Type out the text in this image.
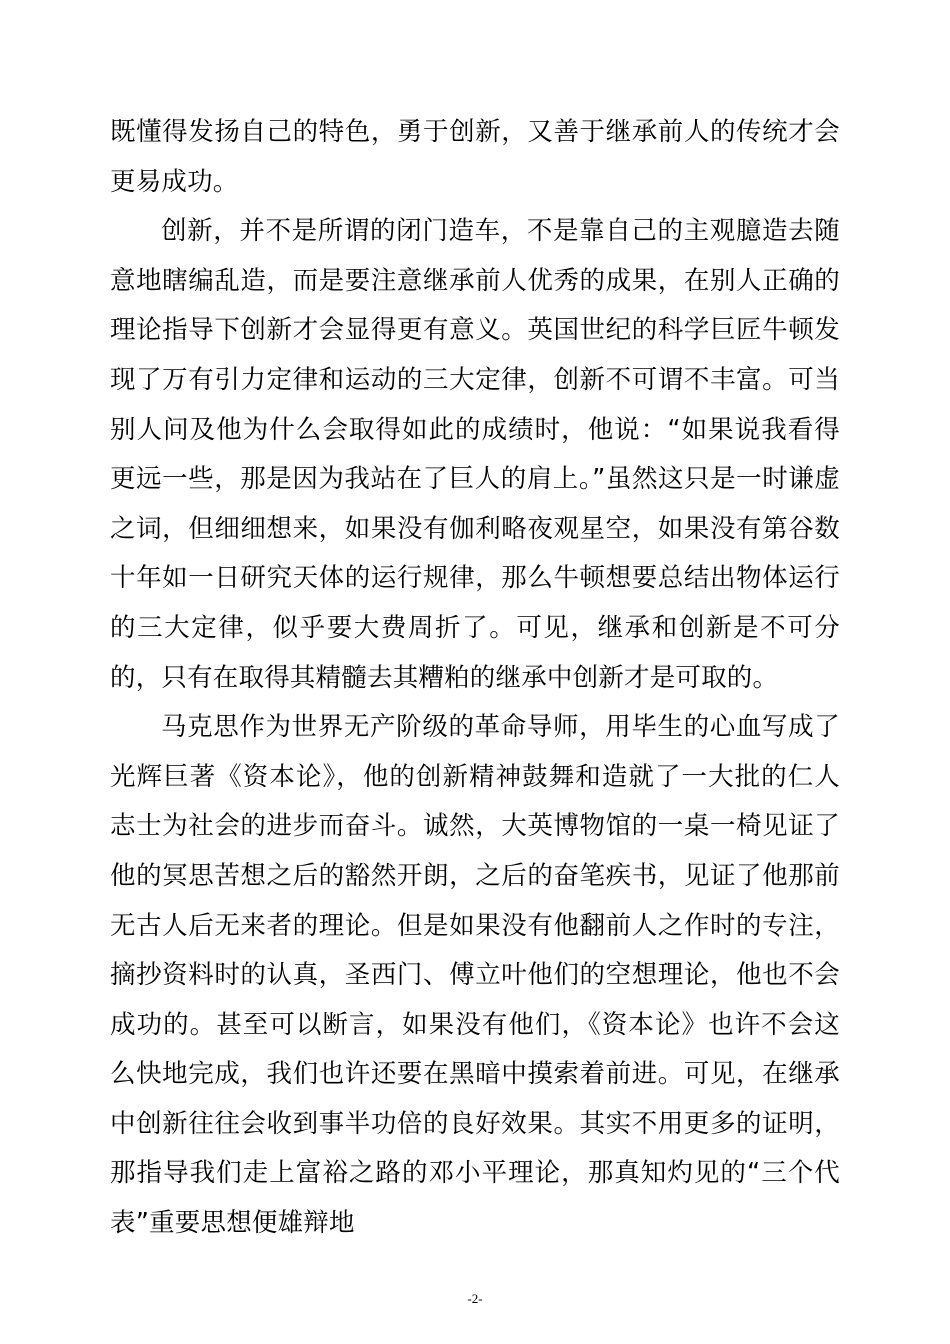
既懂得发扬自己的特色，勇于创新，又善于继承前人的传统才会更易成功。

创新，并不是所谓的闭门造车，不是靠自己的主观臆造去随意地瞎编乱造，而是要注意继承前人优秀的成果，在别人正确的理论指导下创新才会显得更有意义。英国世纪的科学巨匠牛顿发现了万有引力定律和运动的三大定律，创新不可谓不丰富。可当别人问及他为什么会取得如此的成绩时，他说：“如果说我看得更远一些，那是因为我站在了巨人的肩上。”虽然这只是一时谦虚之词，但细细想来，如果没有伽利略夜观星空，如果没有第谷数十年如一日研究天体的运行规律，那么牛顿想要总结出物体运行的三大定律，似乎要大费周折了。可见，继承和创新是不可分的，只有在取得其精髓去其糟粕的继承中创新才是可取的。

马克思作为世界无产阶级的革命导师，用毕生的心血写成了光辉巨著《资本论》，他的创新精神鼓舞和造就了一大批的仁人志士为社会的进步而奋斗。诚然，大英博物馆的一桌一椅见证了他的冥思苦想之后的豁然开朗，之后的奋笔疾书，见证了他那前无古人后无来者的理论。但是如果没有他翻前人之作时的专注，摘抄资料时的认真，圣西门、傅立叶他们的空想理论，他也不会成功的。甚至可以断言，如果没有他们，《资本论》也许不会这么快地完成，我们也许还要在黑暗中摸索着前进。可见，在继承中创新往往会收到事半功倍的良好效果。其实不用更多的证明，那指导我们走上富裕之路的邓小平理论，那真知灼见的“三个代表”重要思想便雄辩地

-2-
